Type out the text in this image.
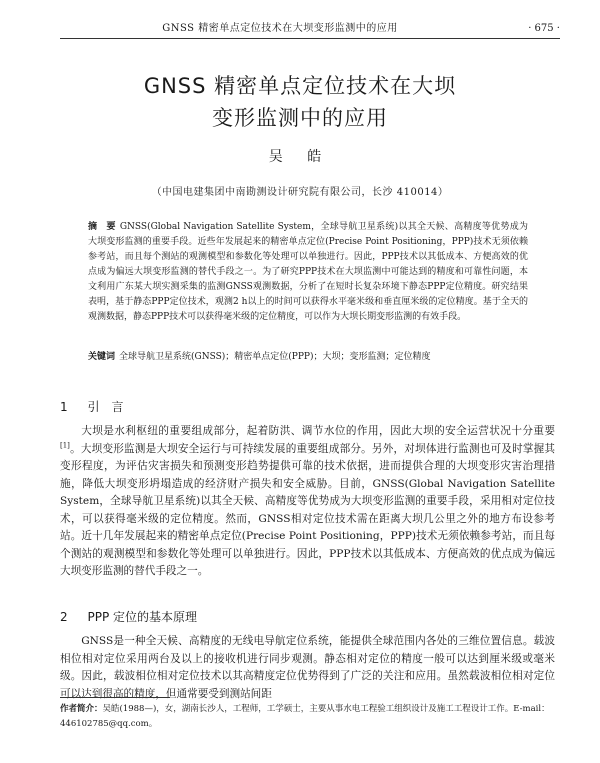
GNSS 精密单点定位技术在大坝变形监测中的应用	· 675 ·
GNSS 精密单点定位技术在大坝
变形监测中的应用
吴 皓
（中国电建集团中南勘测设计研究院有限公司，长沙 410014）
摘　要 GNSS(Global Navigation Satellite System，全球导航卫星系统)以其全天候、高精度等优势成为大坝变形监测的重要手段。近些年发展起来的精密单点定位(Precise Point Positioning，PPP)技术无须依赖参考站，而且每个测站的观测模型和参数化等处理可以单独进行。因此，PPP技术以其低成本、方便高效的优点成为偏远大坝变形监测的替代手段之一。为了研究PPP技术在大坝监测中可能达到的精度和可靠性问题，本文利用广东某大坝实测采集的监测GNSS观测数据，分析了在短时长复杂环境下静态PPP定位精度。研究结果表明，基于静态PPP定位技术，观测2 h以上的时间可以获得水平毫米级和垂直厘米级的定位精度。基于全天的观测数据，静态PPP技术可以获得毫米级的定位精度，可以作为大坝长期变形监测的有效手段。
关键词 全球导航卫星系统(GNSS)；精密单点定位(PPP)；大坝；变形监测；定位精度
1 引　言

大坝是水利枢纽的重要组成部分，起着防洪、调节水位的作用，因此大坝的安全运营状况十分重要[1]。大坝变形监测是大坝安全运行与可持续发展的重要组成部分。另外，对坝体进行监测也可及时掌握其变形程度，为评估灾害损失和预测变形趋势提供可靠的技术依据，进而提供合理的大坝变形灾害治理措施，降低大坝变形坍塌造成的经济财产损失和安全威胁。目前，GNSS(Global Navigation Satellite System，全球导航卫星系统)以其全天候、高精度等优势成为大坝变形监测的重要手段，采用相对定位技术，可以获得毫米级的定位精度。然而，GNSS相对定位技术需在距离大坝几公里之外的地方布设参考站。近十几年发展起来的精密单点定位(Precise Point Positioning，PPP)技术无须依赖参考站，而且每个测站的观测模型和参数化等处理可以单独进行。因此，PPP技术以其低成本、方便高效的优点成为偏远大坝变形监测的替代手段之一。

2 PPP 定位的基本原理

GNSS是一种全天候、高精度的无线电导航定位系统，能提供全球范围内各处的三维位置信息。载波相位相对定位采用两台及以上的接收机进行同步观测。静态相对定位的精度一般可以达到厘米级或毫米级。因此，载波相位相对定位技术以其高精度定位优势得到了广泛的关注和应用。虽然载波相位相对定位可以达到很高的精度，但通常要受到测站间距

作者简介：吴皓(1988—)，女，湖南长沙人，工程师，工学硕士，主要从事水电工程验工组织设计及施工工程设计工作。E-mail：446102785@qq.com。
